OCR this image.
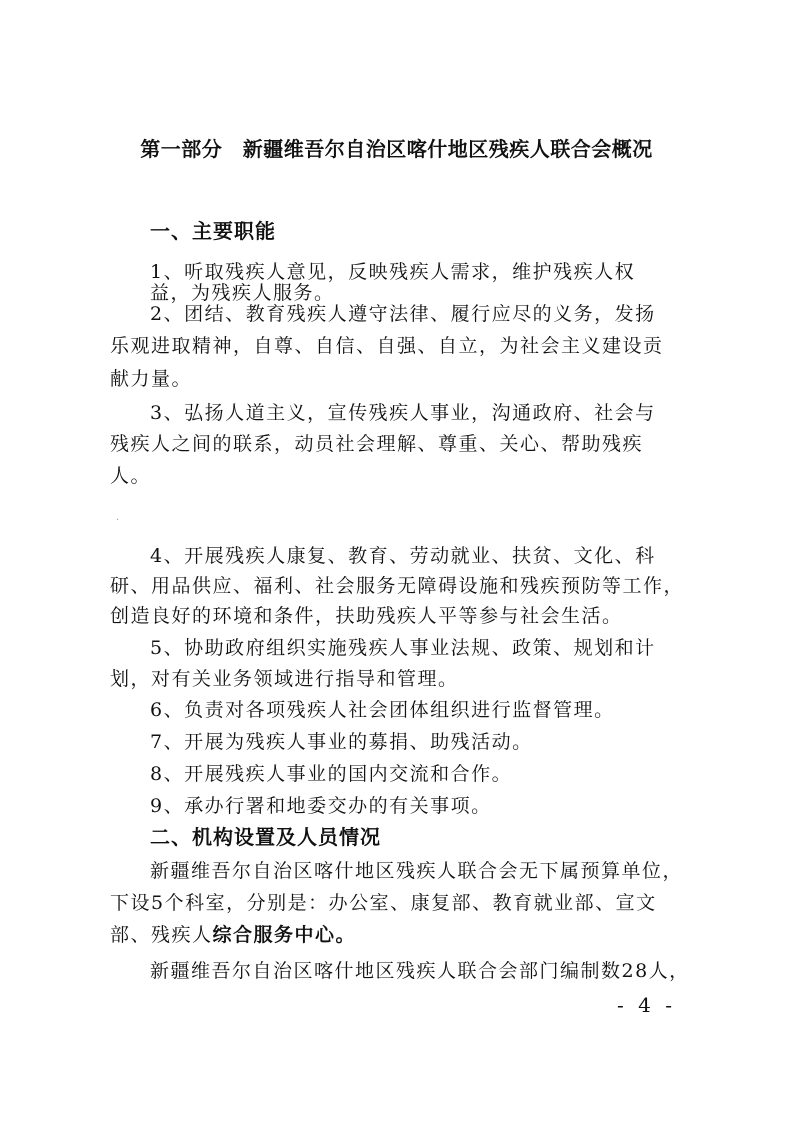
第一部分　新疆维吾尔自治区喀什地区残疾人联合会概况
一、主要职能
1、听取残疾人意见，反映残疾人需求，维护残疾人权
益，为残疾人服务。
2、团结、教育残疾人遵守法律、履行应尽的义务，发扬
乐观进取精神，自尊、自信、自强、自立，为社会主义建设贡
献力量。
3、弘扬人道主义，宣传残疾人事业，沟通政府、社会与
残疾人之间的联系，动员社会理解、尊重、关心、帮助残疾
人。
.
4、开展残疾人康复、教育、劳动就业、扶贫、文化、科
研、用品供应、福利、社会服务无障碍设施和残疾预防等工作，
创造良好的环境和条件，扶助残疾人平等参与社会生活。
5、协助政府组织实施残疾人事业法规、政策、规划和计
划，对有关业务领域进行指导和管理。
6、负责对各项残疾人社会团体组织进行监督管理。
7、开展为残疾人事业的募捐、助残活动。
8、开展残疾人事业的国内交流和合作。
9、承办行署和地委交办的有关事项。
二、机构设置及人员情况
新疆维吾尔自治区喀什地区残疾人联合会无下属预算单位，
下设5个科室，分别是：办公室、康复部、教育就业部、宣文
部、残疾人综合服务中心。
新疆维吾尔自治区喀什地区残疾人联合会部门编制数28人，
- 4 -
